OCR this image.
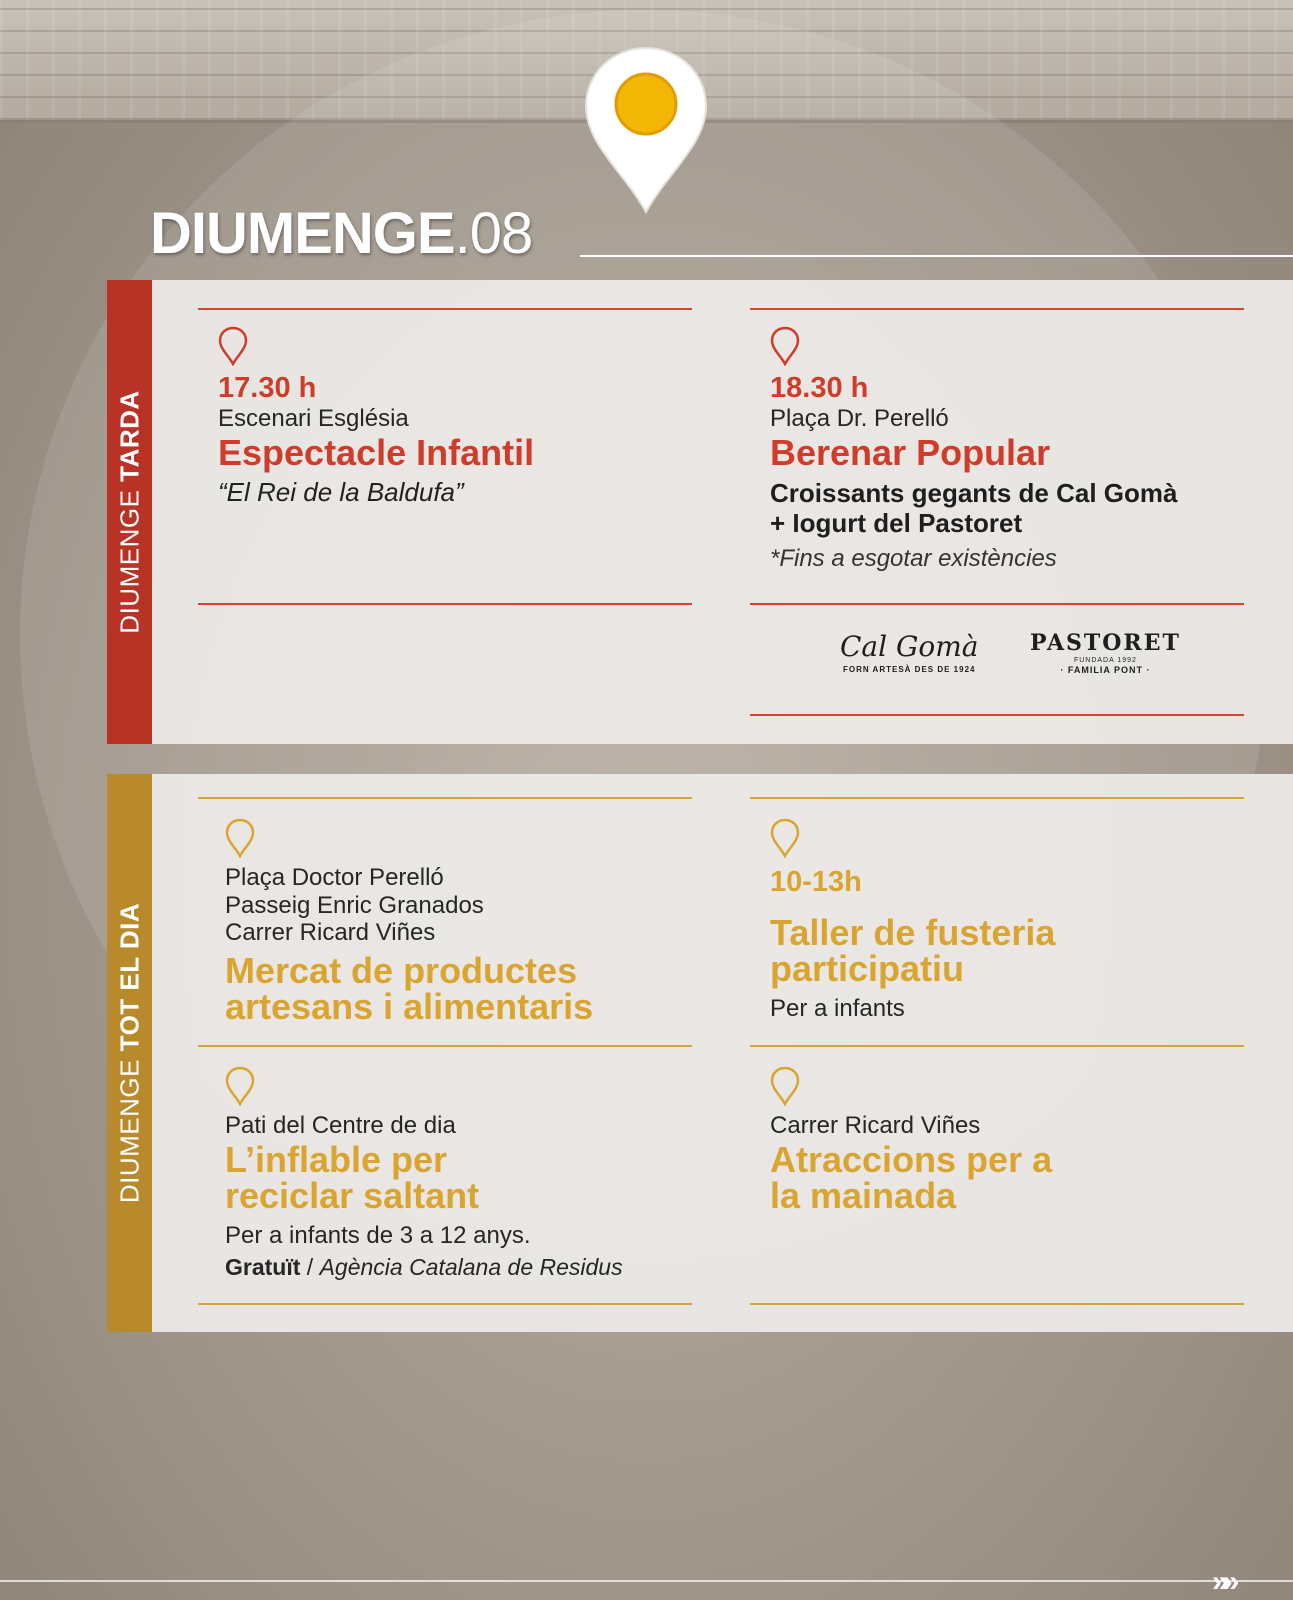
DIUMENGE.08
DIUMENGE TARDA
17.30 h
Escenari Església
Espectacle Infantil
“El Rei de la Baldufa”
18.30 h
Plaça Dr. Perelló
Berenar Popular
Croissants gegants de Cal Gomà
+ Iogurt del Pastoret
*Fins a esgotar existències
Cal Gomà
FORN ARTESÀ DES DE 1924
PASTORET
FUNDADA 1992
· FAMILIA PONT ·
DIUMENGE TOT EL DIA
Plaça Doctor Perelló
Passeig Enric Granados
Carrer Ricard Viñes
Mercat de productes
artesans i alimentaris
10-13h
Taller de fusteria
participatiu
Per a infants
Pati del Centre de dia
L’inflable per
reciclar saltant
Per a infants de 3 a 12 anys.
Gratuït / Agència Catalana de Residus
Carrer Ricard Viñes
Atraccions per a
la mainada
»»
